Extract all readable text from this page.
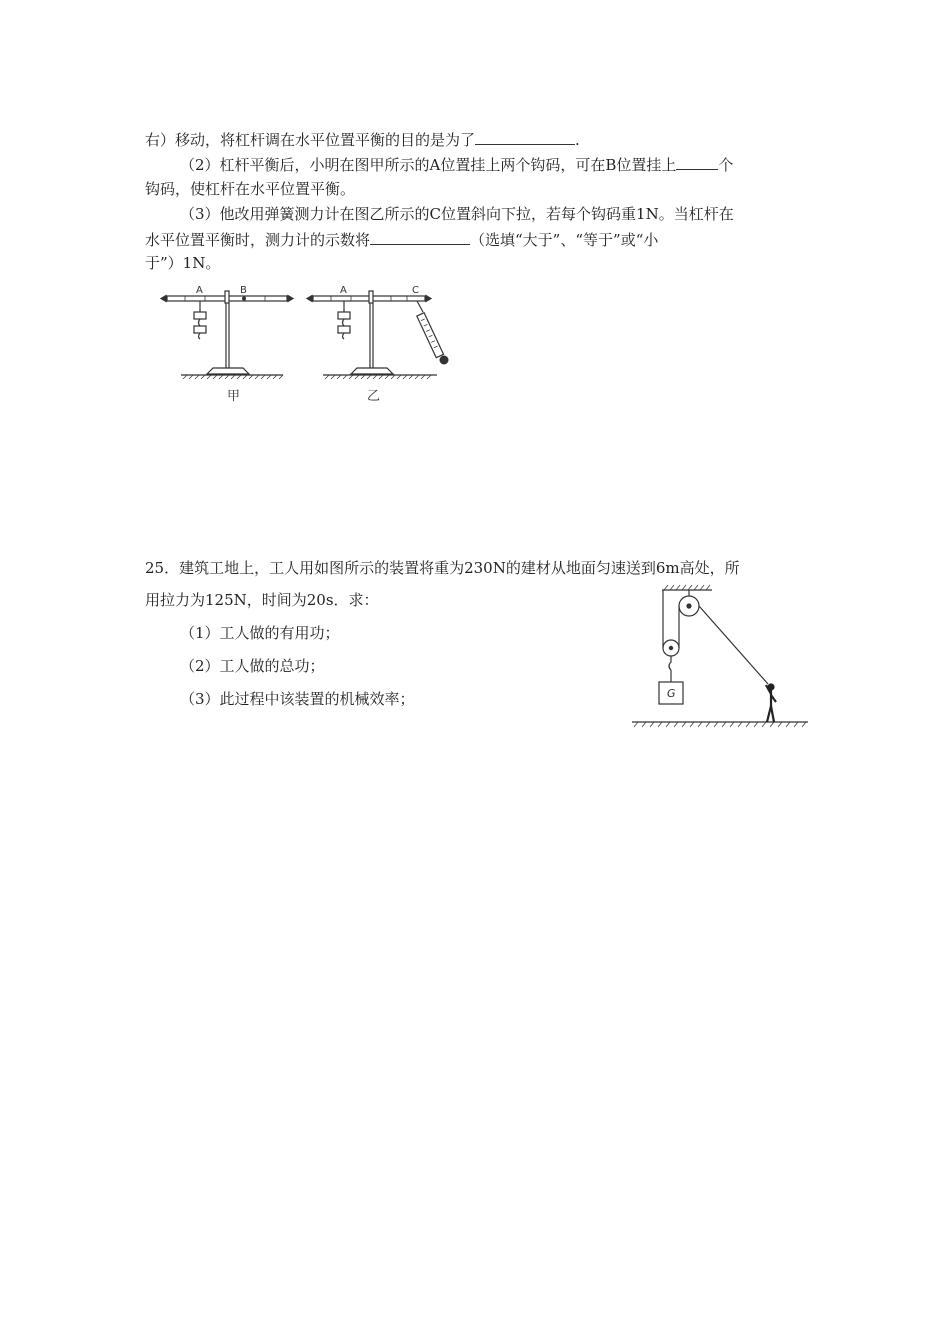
右）移动，将杠杆调在水平位置平衡的目的是为了	.
（2）杠杆平衡后，小明在图甲所示的A位置挂上两个钩码，可在B位置挂上	个
钩码，使杠杆在水平位置平衡。
（3）他改用弹簧测力计在图乙所示的C位置斜向下拉，若每个钩码重1N。当杠杆在
水平位置平衡时，测力计的示数将	（选填“大于”、“等于”或“小
于”）1N。
A	B
甲
A	C
乙
25．建筑工地上，工人用如图所示的装置将重为230N的建材从地面匀速送到6m高处，所
用拉力为125N，时间为20s．求：
（1）工人做的有用功；
（2）工人做的总功；
（3）此过程中该装置的机械效率；	G
